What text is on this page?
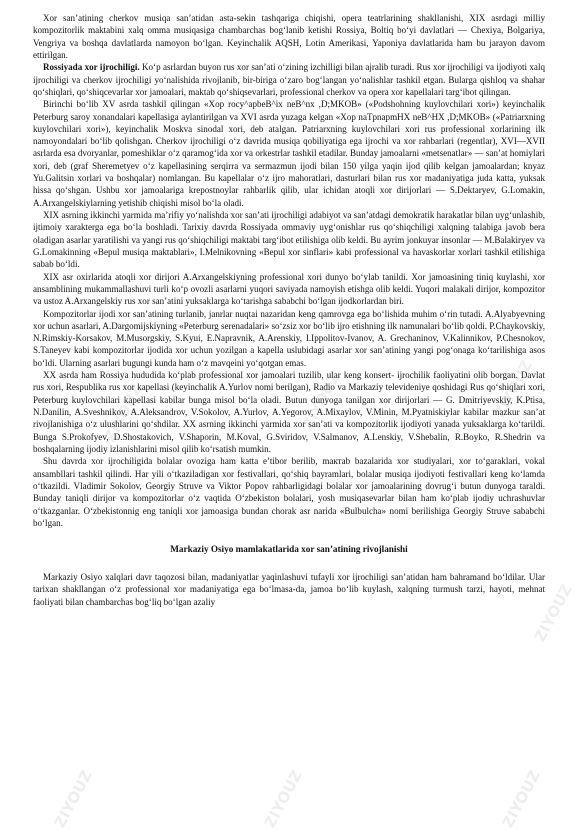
Xor san’atining cherkov musiqa san’atidan asta-sekin tashqariga chiqishi, opera teatrlarining shakllanishi, XIX asrdagi milliy kompozitorlik maktabini xalq omma musiqasiga chambarchas bog‘lanib ketishi Rossiya, Boltiq bo‘yi davlatlari — Chexiya, Bolgariya, Vengriya va boshqa davlatlarda namoyon bo‘lgan. Keyinchalik AQSH, Lotin Amerikasi, Yaponiya davlatlarida ham bu jarayon davom ettirilgan.

Rossiyada xor ijrochiligi. Ko‘p asrlardan buyon rus xor san’ati o‘zining izchilligi bilan ajralib turadi. Rus xor ijrochiligi va ijodiyoti xalq ijrochiligi va cherkov ijrochiligi yo‘nalishida rivojlanib, bir-biriga o‘zaro bog‘langan yo‘nalishlar tashkil etgan. Bularga qishloq va shahar qo‘shiqlari, qo‘shiqcevarlar xor jamoalari, maktab qo‘shiqsevarlari, professional cherkov va opera xor kapellalari targ‘ibot qilingan.

Birinchi bo‘lib XV asrda tashkil qilingan «Xop rocy^apbeB^ix neB^nx ,D;MKOB» («Podshohning kuylovchilari xori») keyinchalik Peterburg saroy xonandalari kapellasiga aylantirilgan va XVI asrda yuzaga kelgan «Xop naTpnapmHX neB^HX ,D;MKOB» («Patriarxning kuylovchilari xori»), keyinchalik Moskva sinodal xori, deb atalgan. Patriarxning kuylovchilari xori rus professional xorlarining ilk namoyondalari bo‘lib qolishgan. Cherkov ijrochiligi o‘z davrida musiqa qobiliyatiga ega ijrochi va xor rahbarlari (regentlar), XVI—XVII asrlarda esa dvoryanlar, pomeshiklar o‘z qaramog‘ida xor va orkestrlar tashkil etadilar. Bunday jamoalarni «metsenatlar» — san’at homiylari xori, deb (graf Sheremetyev o‘z kapellasining serqirra va sermazmun ijodi bilan 150 yilga yaqin ijod qilib kelgan jamoalardan; knyaz Yu.Galitsin xorlari va boshqalar) nomlangan. Bu kapellalar o‘z ijro mahoratlari, dasturlari bilan rus xor madaniyatiga juda katta, yuksak hissa qo‘shgan. Ushbu xor jamoalariga krepostnoylar rahbarlik qilib, ular ichidan atoqli xor dirijorlari — S.Dektaryev, G.Lomakin, A.Arxangelskiylarning yetishib chiqishi misol bo‘la oladi.

XIX asrning ikkinchi yarmida ma’rifiy yo‘nalishda xor san’ati ijrochiligi adabiyot va san’atdagi demokratik harakatlar bilan uyg‘unlashib, ijtimoiy xarakterga ega bo‘la boshladi. Tarixiy davrda Rossiyada ommaviy uyg‘onishlar rus qo‘shiqchiligi xalqning talabiga javob bera oladigan asarlar yaratilishi va yangi rus qo‘shiqchiligi maktabi targ‘ibot etilishiga olib keldi. Bu ayrim jonkuyar insonlar — M.Balakiryev va G.Lomakinning «Bepul musiqa maktablari», I.Melnikovning «Bepul xor sinflari» kabi professional va havaskorlar xorlari tashkil etilishiga sabab bo‘ldi.

XIX asr oxirlarida atoqli xor dirijori A.Arxangelskiyning professional xori dunyo bo‘ylab tanildi. Xor jamoasining tiniq kuylashi, xor ansamblining mukammallashuvi turli ko‘p ovozli asarlarni yuqori saviyada namoyish etishga olib keldi. Yuqori malakali dirijor, kompozitor va ustoz A.Arxangelskiy rus xor san’atini yuksaklarga ko‘tarishga sababchi bo‘lgan ijodkorlardan biri.

Kompozitorlar ijodi xor san’atining turlanib, janrlar nuqtai nazaridan keng qamrovga ega bo‘lishida muhim o‘rin tutadi. A.Alyabyevning xor uchun asarlari, A.Dargomijskiyning «Peterburg serenadalari» so‘zsiz xor bo‘lib ijro etishning ilk namunalari bo‘lib qoldi. P.Chaykovskiy, N.Rimskiy-Korsakov, M.Musorgskiy, S.Kyui, E.Napravnik, A.Arenskiy, I.Ippolitov-Ivanov, A. Grechaninov, V.Kalinnikov, P.Chesnokov, S.Taneyev kabi kompozitorlar ijodida xor uchun yozilgan a kapella uslubidagi asarlar xor san’atining yangi pog‘onaga ko‘tarilishiga asos bo‘ldi. Ularning asarlari bugungi kunda ham o‘z mavqeini yo‘qotgan emas.

XX asrda ham Rossiya hududida ko‘plab professional xor jamoalari tuzilib, ular keng konsert- ijrochilik faoliyatini olib borgan. Davlat rus xori, Respublika rus xor kapellasi (keyinchalik A.Yurlov nomi berilgan), Radio va Markaziy televideniye qoshidagi Rus qo‘shiqlari xori, Peterburg kuylovchilari kapellasi kabilar bunga misol bo‘la oladi. Butun dunyoga tanilgan xor dirijorlari — G. Dmitriyevskiy, K.Ptisa, N.Danilin, A.Sveshnikov, A.Aleksandrov, V.Sokolov, A.Yurlov, A.Yegorov, A.Mixaylov, V.Minin, M.Pyatniskiylar kabilar mazkur san’at rivojlanishiga o‘z ulushlarini qo‘shdilar. XX asrning ikkinchi yarmida xor san’ati va kompozitorlik ijodiyoti yanada yuksaklarga ko‘tarildi. Bunga S.Prokofyev, D.Shostakovich, V.Shaporin, M.Koval, G.Sviridov, V.Salmanov, A.Lenskiy, V.Shebalin, R.Boyko, R.Shedrin va boshqalarning ijodiy izlanishlarini misol qilib ko‘rsatish mumkin.

Shu davrda xor ijrochiligida bolalar ovoziga ham katta e’tibor berilib, mактab bazalarida xor studiyalari, xor to‘garaklari, vokal ansambllari tashkil qilindi. Har yili o‘tkaziladigan xor festivallari, qo‘shiq bayramlari, bolalar musiqa ijodiyoti festivallari keng ko‘lamda o‘tkazildi. Vladimir Sokolov, Georgiy Struve va Viktor Popov rahbarligidagi bolalar xor jamoalarining dovrug‘i butun dunyoga taraldi. Bunday taniqli dirijor va kompozitorlar o‘z vaqtida O‘zbekiston bolalari, yosh musiqasevarlar bilan ham ko‘plab ijodiy uchrashuvlar o‘tkazganlar. O‘zbekistonnig eng taniqli xor jamoasiga bundan chorak asr narida «Bulbulcha» nomi berilishiga Georgiy Struve sababchi bo‘lgan.

Markaziy Osiyo mamlakatlarida xor san’atining rivojlanishi

Markaziy Osiyo xalqlari davr taqozosi bilan, madaniyatlar yaqinlashuvi tufayli xor ijrochiligi san’atidan ham bahramand bo‘ldilar. Ular tarixan shakllangan o‘z professional xor madaniyatiga ega bo‘lmasa-da, jamoa bo‘lib kuylash, xalqning turmush tarzi, hayoti, mehnat faoliyati bilan chambarchas bog‘liq bo‘lgan azaliy

ZIYOUZ	ZIYOUZ	ZIYOUZ
ZIYOUZ
ZIYOUZ
ZIYOUZ
ZIYOUZ
